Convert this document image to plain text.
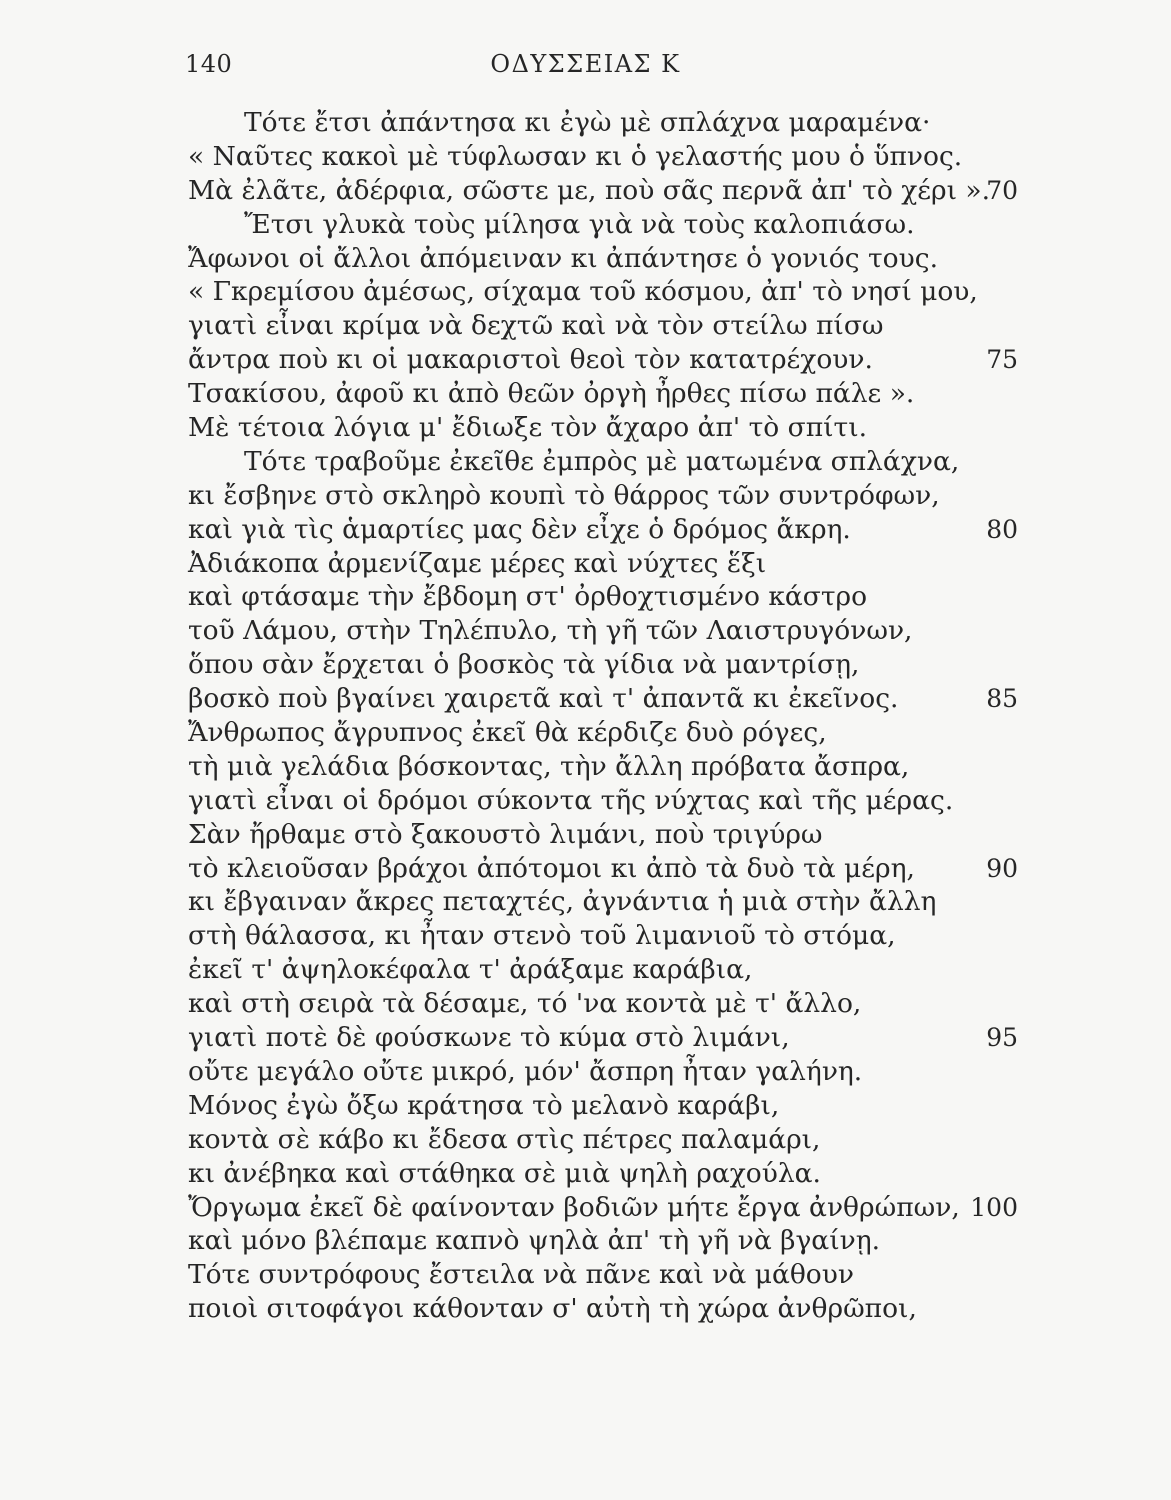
140	ΟΔΥΣΣΕΙΑΣ Κ
Τότε ἔτσι ἀπάντησα κι ἐγὼ μὲ σπλάχνα μαραμένα·
« Ναῦτες κακοὶ μὲ τύφλωσαν κι ὁ γελαστής μου ὁ ὕπνος.
Μὰ ἐλᾶτε, ἀδέρφια, σῶστε με, ποὺ σᾶς περνᾶ ἀπ' τὸ χέρι ».
70
Ἔτσι γλυκὰ τοὺς μίλησα γιὰ νὰ τοὺς καλοπιάσω.
Ἄφωνοι οἱ ἄλλοι ἀπόμειναν κι ἀπάντησε ὁ γονιός τους.
« Γκρεμίσου ἀμέσως, σίχαμα τοῦ κόσμου, ἀπ' τὸ νησί μου,
γιατὶ εἶναι κρίμα νὰ δεχτῶ καὶ νὰ τὸν στείλω πίσω
ἄντρα ποὺ κι οἱ μακαριστοὶ θεοὶ τὸν κατατρέχουν.	75
Τσακίσου, ἀφοῦ κι ἀπὸ θεῶν ὀργὴ ἦρθες πίσω πάλε ».
Μὲ τέτοια λόγια μ' ἔδιωξε τὸν ἄχαρο ἀπ' τὸ σπίτι.
Τότε τραβοῦμε ἐκεῖθε ἐμπρὸς μὲ ματωμένα σπλάχνα,
κι ἔσβηνε στὸ σκληρὸ κουπὶ τὸ θάρρος τῶν συντρόφων,
καὶ γιὰ τὶς ἁμαρτίες μας δὲν εἶχε ὁ δρόμος ἄκρη.	80
Ἀδιάκοπα ἀρμενίζαμε μέρες καὶ νύχτες ἕξι
καὶ φτάσαμε τὴν ἔβδομη στ' ὀρθοχτισμένο κάστρο
τοῦ Λάμου, στὴν Τηλέπυλο, τὴ γῆ τῶν Λαιστρυγόνων,
ὅπου σὰν ἔρχεται ὁ βοσκὸς τὰ γίδια νὰ μαντρίσῃ,
βοσκὸ ποὺ βγαίνει χαιρετᾶ καὶ τ' ἀπαντᾶ κι ἐκεῖνος.	85
Ἄνθρωπος ἄγρυπνος ἐκεῖ θὰ κέρδιζε δυὸ ρόγες,
τὴ μιὰ γελάδια βόσκοντας, τὴν ἄλλη πρόβατα ἄσπρα,
γιατὶ εἶναι οἱ δρόμοι σύκοντα τῆς νύχτας καὶ τῆς μέρας.
Σὰν ἤρθαμε στὸ ξακουστὸ λιμάνι, ποὺ τριγύρω
τὸ κλειοῦσαν βράχοι ἀπότομοι κι ἀπὸ τὰ δυὸ τὰ μέρη,	90
κι ἔβγαιναν ἄκρες πεταχτές, ἀγνάντια ἡ μιὰ στὴν ἄλλη
στὴ θάλασσα, κι ἦταν στενὸ τοῦ λιμανιοῦ τὸ στόμα,
ἐκεῖ τ' ἀψηλοκέφαλα τ' ἀράξαμε καράβια,
καὶ στὴ σειρὰ τὰ δέσαμε, τό 'να κοντὰ μὲ τ' ἄλλο,
γιατὶ ποτὲ δὲ φούσκωνε τὸ κύμα στὸ λιμάνι,	95
οὔτε μεγάλο οὔτε μικρό, μόν' ἄσπρη ἦταν γαλήνη.
Μόνος ἐγὼ ὄξω κράτησα τὸ μελανὸ καράβι,
κοντὰ σὲ κάβο κι ἔδεσα στὶς πέτρες παλαμάρι,
κι ἀνέβηκα καὶ στάθηκα σὲ μιὰ ψηλὴ ραχούλα.
Ὄργωμα ἐκεῖ δὲ φαίνονταν βοδιῶν μήτε ἔργα ἀνθρώπων, 100
καὶ μόνο βλέπαμε καπνὸ ψηλὰ ἀπ' τὴ γῆ νὰ βγαίνῃ.
Τότε συντρόφους ἔστειλα νὰ πᾶνε καὶ νὰ μάθουν
ποιοὶ σιτοφάγοι κάθονταν σ' αὐτὴ τὴ χώρα ἀνθρῶποι,
